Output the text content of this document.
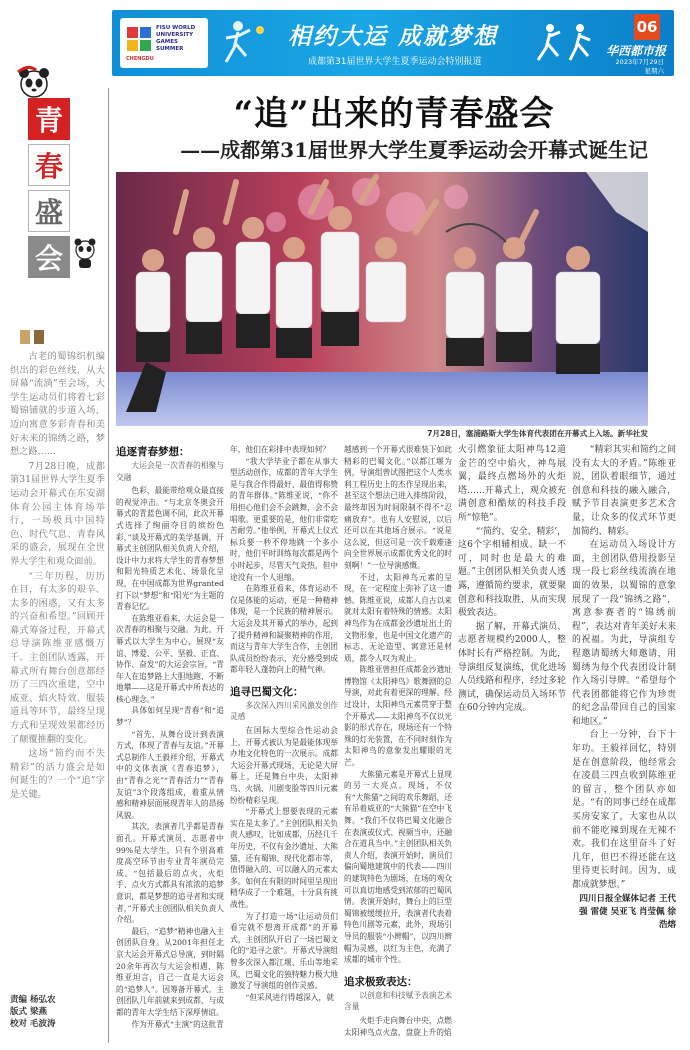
FISU WORLD UNIVERSITY GAMES SUMMER
CHENGDU
相约大运 成就梦想
成都第31届世界大学生夏季运动会特别报道
06
华西都市报
2023年7月29日
星期六
青
春
盛
会

古老的蜀锦织机编织出的彩色丝线，从大屏幕“流淌”至会场，大学生运动员们将着七彩蜀锦铺就的步道入场，迈向寓意多彩青春和美好未来的锦绣之路，梦想之路……

7月28日晚，成都第31届世界大学生夏季运动会开幕式在东安湖体育公园主体育场举行，一场极具中国特色、时代气息、青春风采的盛会，展现在全世界大学生和观众面前。

“三年历程，历历在目，有太多的艰辛、太多的困惑，又有太多的兴奋和希望。”回顾开幕式筹备过程，开幕式总导演陈维亚感慨万千。主创团队透露，开幕式所有舞台创意都经历了三四次重建，空中威亚、焰火特效、服装道具等环节，最终呈现方式和呈现效果都经历了颠覆推翻的变化。

这场“简约而不失精彩”的活力盛会是如何诞生的？一个“追”字是关键。

责编 杨弘农
版式 梁燕
校对 毛波涛
“追”出来的青春盛会
——成都第31届世界大学生夏季运动会开幕式诞生记
7月28日，塞浦路斯大学生体育代表团在开幕式上入场。新华社发
追逐青春梦想：

大运会是一次青春的相聚与交融

色彩，最能带给观众最直接的视觉冲击。“与北京冬奥会开幕式的青蓝色调不同，此次开幕式选择了绚丽夺目的缤纷色彩，”谈及开幕式的美学基调，开幕式主创团队相关负责人介绍，设计中力求将大学生的青春梦想和阳光特质艺术化、场景化呈现，在中国成都为世界granted打下以“梦想”和“阳光”为主题的青春记忆。

在陈维亚看来，大运会是一次青春的相聚与交融。为此，开幕式以大学生为中心，展现“友谊、博爱、公平、坚毅、正直、协作、奋发”的大运会宗旨，“青年人在追梦路上大胆地跑、不断地攀——这是开幕式中所表达的核心理念。”

具体如何呈现“青春”和“追梦”？

“首先，从舞台设计到表演方式，体现了青春与友谊。”开幕式总制作人王毅祥介绍，开幕式中的文体表演《青春追梦》，由“青春之光”“青春活力”“青春友谊”3个段落组成，着重从情感和精神层面展现青年人的昂扬风貌。

其次，表演者几乎都是青春面孔。开幕式演员、志愿者中99%是大学生，只有个别高难度高空环节由专业青年演员完成。“包括最后的点火，火炬手、点火方式都具有浓浓的追梦意识，都是梦想的追寻者和实现者，”开幕式主创团队相关负责人介绍。

最后，“追梦”精神也融入主创团队自身。从2001年担任北京大运会开幕式总导演，到时隔20余年再次与大运会相遇，陈维亚坦言，自己一直是大运会的“追梦人”。因筹备开幕式，主创团队几年前就来到成都，与成都的青年大学生结下深厚情谊。

作为开幕式“主演”的这批青

年，他们在彩排中表现如何？

“我大学毕业子都在从事大型活动创作，成都的青年大学生是与我合作得最好、最值得称赞的青年群体。”陈维亚说，“你不用担心他们会不会跳舞，会不会唱歌。更重要的是，他们非常吃苦耐劳。”他举例，开幕式上仪式标兵要一秒不停地跳一个多小时，他们平时训练每次都是两个小时起步，尽管天气炎热，但中途没有一个人退缩。

在陈维亚看来，体育运动不仅是体能的运动，更是一种精神体现，是一个民族的精神展示。大运会及其开幕式的举办，起到了提升精神和凝聚精神的作用，而这与青年大学生合作，主创团队成员纷纷表示，充分感受到成都年轻人蓬勃向上的精气神。

追寻巴蜀文化：

多次深入四川采风激发创作灵感

在国际大型综合性运动会上，开幕式被认为是最能体现举办地文化特色的一次展示。成都大运会开幕式现场，无论是大屏幕上，还是舞台中央，太阳神鸟、火锅、川剧变脸等四川元素纷纷精彩呈现。

“开幕式上想要表现的元素实在是太多了。”主创团队相关负责人感叹，比如成都，历经几千年历史，不仅有金沙遗址、大熊猫，还有蜀锦、现代化都市等，值得融入的、可以融入的元素太多。如何在有限的时间里呈现出精华成了一个难题，十分具有挑战性。

为了打造一场“让运动员们看完就不想离开成都”的开幕式，主创团队开启了一场巴蜀文化的“追寻之旅”。开幕式导演组曾多次深入都江堰、乐山等地采风，巴蜀文化的独特魅力极大地激发了导演组的创作灵感。

“但采风进行得越深入，就

越感到一个开幕式很难装下如此精彩的巴蜀文化。”以都江堰为例，导演组曾试图把这个人类水利工程历史上的杰作呈现出来，甚至这个想法已进入排练阶段，最终却因为时间限制不得不“忍痛放弃”。也有人安慰说，以后还可以在其他场合展示。“说是这么说，但这可是一次千载难逢向全世界展示成都优秀文化的时刻啊！”一位导演感慨。

不过，太阳神鸟元素的呈现，在一定程度上弥补了这一遗憾。陈维亚说，成都人自古以来就对太阳有着特殊的情感。太阳神鸟作为在成都金沙遗址出土的文物形象，也是中国文化遗产的标志，无论造型、寓意还是材质，都令人叹为观止。

陈维亚曾担任成都金沙遗址博物馆《太阳神鸟》歌舞剧的总导演，对此有着更深的理解。经过设计，太阳神鸟元素贯穿于整个开幕式——太阳神鸟不仅以光影的形式存在，现场还有一个特殊的灯光装置，在不同时刻作为太阳神鸟的意象发出耀眼的光芒。

大熊猫元素是开幕式上显现的另一大亮点。现场，不仅有“大熊猫”之间的欢乐舞蹈，还有吊着威亚的“大熊猫”在空中飞舞。“我们不仅将巴蜀文化融合在表演或仪式、视频当中，还融合在道具当中。”主创团队相关负责人介绍，表演开始时，演员们偏向蜀地建筑中的代表——四川的建筑特色为剧场，在场的观众可以真切地感受到浓郁的巴蜀风情。表演开始时，舞台上的巨型蜀锦被缓缓拉开，表演者代表着特色川剧等元素，此外，现场引导员的服装“小辫帽”，以四川辫帽为灵感，以红为主色，充满了成都的城市个性。

追求极致表达：

以创意和科技赋予表演艺术含量

火炬手走向舞台中央，点燃太阳神鸟点火盘，盘旋上升的焰

火引燃象征太阳神鸟12道金芒的空中焰火，神鸟展翼，最终点燃场外的火炬塔……开幕式上，观众被充满创意和酷炫的科技手段所“惊艳”。

“‘简约、安全、精彩’，这6个字相辅相成、缺一不可，同时也是最大的难题。”主创团队相关负责人透露，遵循简约要求，就要聚创意和科技取胜，从而实现极致表达。

据了解，开幕式演员、志愿者规模约2000人，整体时长有严格控制。为此，导演组反复演练，优化进场人员线路和程序，经过多轮测试，确保运动员入场环节在60分钟内完成。

“精彩其实和简约之间没有太大的矛盾。”陈维亚说，团队着眼细节，通过创意和科技的融入融合，赋予节目表演更多艺术含量，让众多的仪式环节更加简约、精彩。

在运动员入场设计方面，主创团队借用投影呈现一段七彩丝线流淌在地面的效果，以蜀锦的意象展现了一段“锦绣之路”，寓意参赛者的“锦绣前程”，表达对青年美好未来的祝福。为此，导演组专程邀请蜀绣大师邀请，用蜀绣为每个代表团设计制作入场引导牌。“希望每个代表团都能将它作为珍贵的纪念品带回自己的国家和地区。”

台上一分钟，台下十年功。王毅祥回忆，特别是在创意阶段，他经常会在凌晨三四点收到陈维亚的留言，整个团队亦如是。“有的同事已经在成都买房安家了，大家也从以前不能吃辣到现在无辣不欢。我们在这里奋斗了好几年，但巴不得还能在这里待更长时间。因为，成都成就梦想。”

四川日报全媒体记者 王代强 雷倢 吴亚飞 肖莹佩 徐浩熔
